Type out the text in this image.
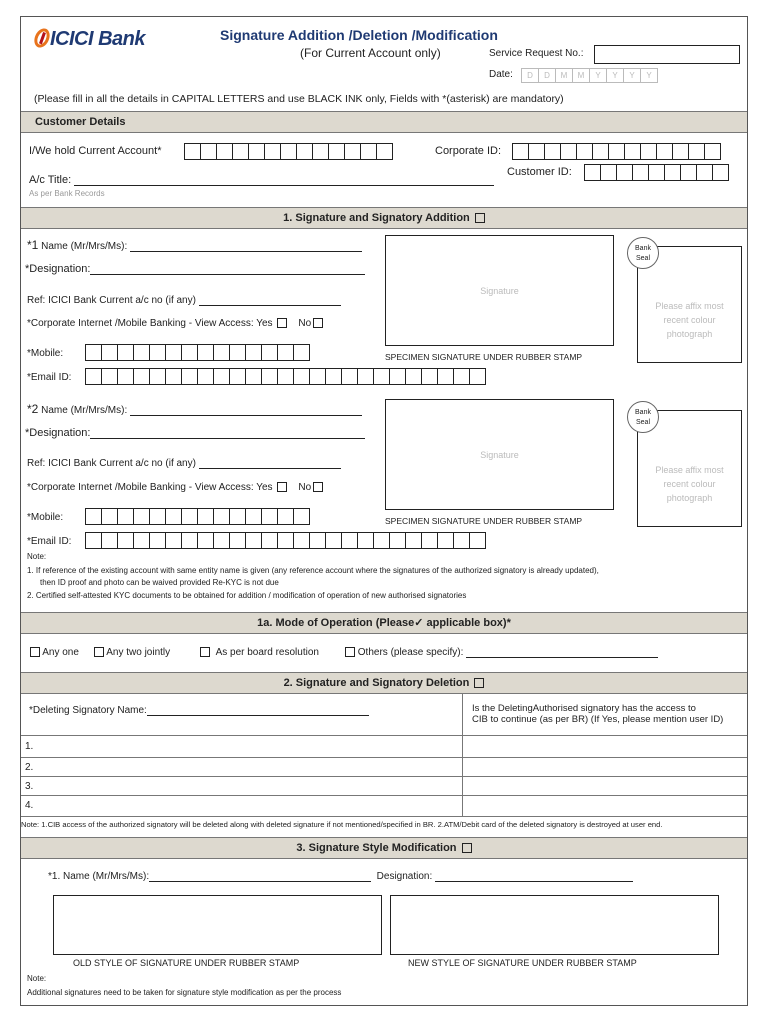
ICICI Bank	Signature Addition /Deletion /Modification
(For Current Account only)	Service Request No.:
Date:	D	D	M	M	Y	Y	Y	Y
(Please fill in all the details in CAPITAL LETTERS and use BLACK INK only, Fields with *(asterisk) are mandatory)
Customer Details
I/We hold Current Account*	Corporate ID:
Customer ID:
A/c Title:
As per Bank Records
1. Signature and Signatory Addition
*1 Name (Mr/Mrs/Ms):
*Designation:
Ref: ICICI Bank Current a/c no (if any)
*Corporate Internet /Mobile Banking - View Access: Yes	No
*Mobile:
*Email ID:
Signature
SPECIMEN SIGNATURE UNDER RUBBER STAMP
Please affix most
recent colour
photograph
Bank
Seal
*2 Name (Mr/Mrs/Ms):
*Designation:
Ref: ICICI Bank Current a/c no (if any)
*Corporate Internet /Mobile Banking - View Access: Yes	No
*Mobile:
*Email ID:
Signature
SPECIMEN SIGNATURE UNDER RUBBER STAMP
Please affix most
recent colour
photograph
Bank
Seal
Note:
1. If reference of the existing account with same entity name is given (any reference account where the signatures of the authorized signatory is already updated),
then ID proof and photo can be waived provided Re-KYC is not due
2. Certified self-attested KYC documents to be obtained for addition / modification of operation of new authorised signatories
1a. Mode of Operation (Please✓ applicable box)*
Any one	Any two jointly	As per board resolution	Others (please specify):
2. Signature and Signatory Deletion
*Deleting Signatory Name:	Is the DeletingAuthorised signatory has the access to
CIB to continue (as per BR) (If Yes, please mention user ID)
1.
2.
3.
4.
Note: 1.CIB access of the authorized signatory will be deleted along with deleted signature if not mentioned/specified in BR. 2.ATM/Debit card of the deleted signatory is destroyed at user end.
3. Signature Style Modification
*1. Name (Mr/Mrs/Ms):	Designation:
OLD STYLE OF SIGNATURE UNDER RUBBER STAMP	NEW STYLE OF SIGNATURE UNDER RUBBER STAMP
Note:
Additional signatures need to be taken for signature style modification as per the process
